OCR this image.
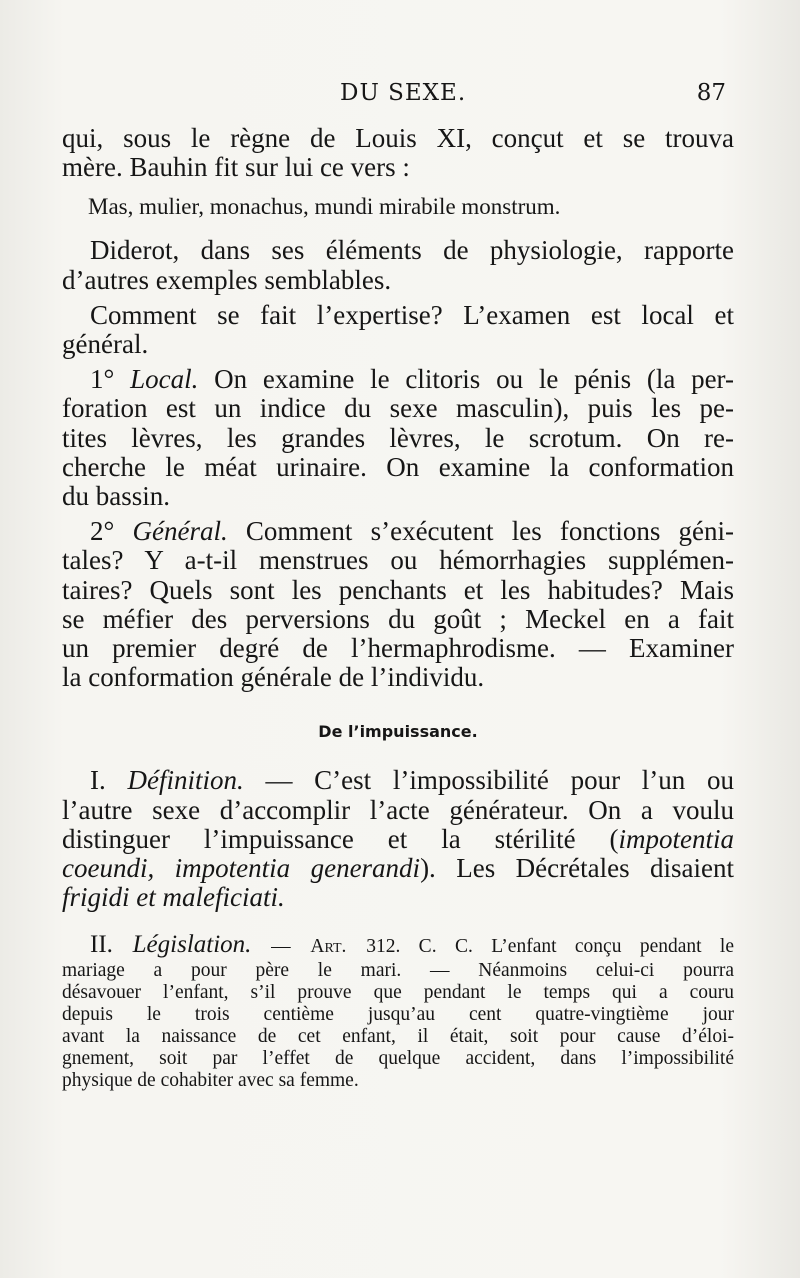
DU SEXE.	87
qui, sous le règne de Louis XI, conçut et se trouva
mère. Bauhin fit sur lui ce vers :
Mas, mulier, monachus, mundi mirabile monstrum.
Diderot, dans ses éléments de physiologie, rapporte
d’autres exemples semblables.
Comment se fait l’expertise? L’examen est local et
général.
1° Local. On examine le clitoris ou le pénis (la per-
foration est un indice du sexe masculin), puis les pe-
tites lèvres, les grandes lèvres, le scrotum. On re-
cherche le méat urinaire. On examine la conformation
du bassin.
2° Général. Comment s’exécutent les fonctions géni-
tales? Y a-t-il menstrues ou hémorrhagies supplémen-
taires? Quels sont les penchants et les habitudes? Mais
se méfier des perversions du goût ; Meckel en a fait
un premier degré de l’hermaphrodisme. — Examiner
la conformation générale de l’individu.
De l’impuissance.
I. Définition. — C’est l’impossibilité pour l’un ou
l’autre sexe d’accomplir l’acte générateur. On a voulu
distinguer l’impuissance et la stérilité (impotentia
coeundi, impotentia generandi). Les Décrétales disaient
frigidi et maleficiati.
II. Législation. — Art. 312. C. C. L’enfant conçu pendant le
mariage a pour père le mari. — Néanmoins celui-ci pourra
désavouer l’enfant, s’il prouve que pendant le temps qui a couru
depuis le trois centième jusqu’au cent quatre-vingtième jour
avant la naissance de cet enfant, il était, soit pour cause d’éloi-
gnement, soit par l’effet de quelque accident, dans l’impossibilité
physique de cohabiter avec sa femme.
